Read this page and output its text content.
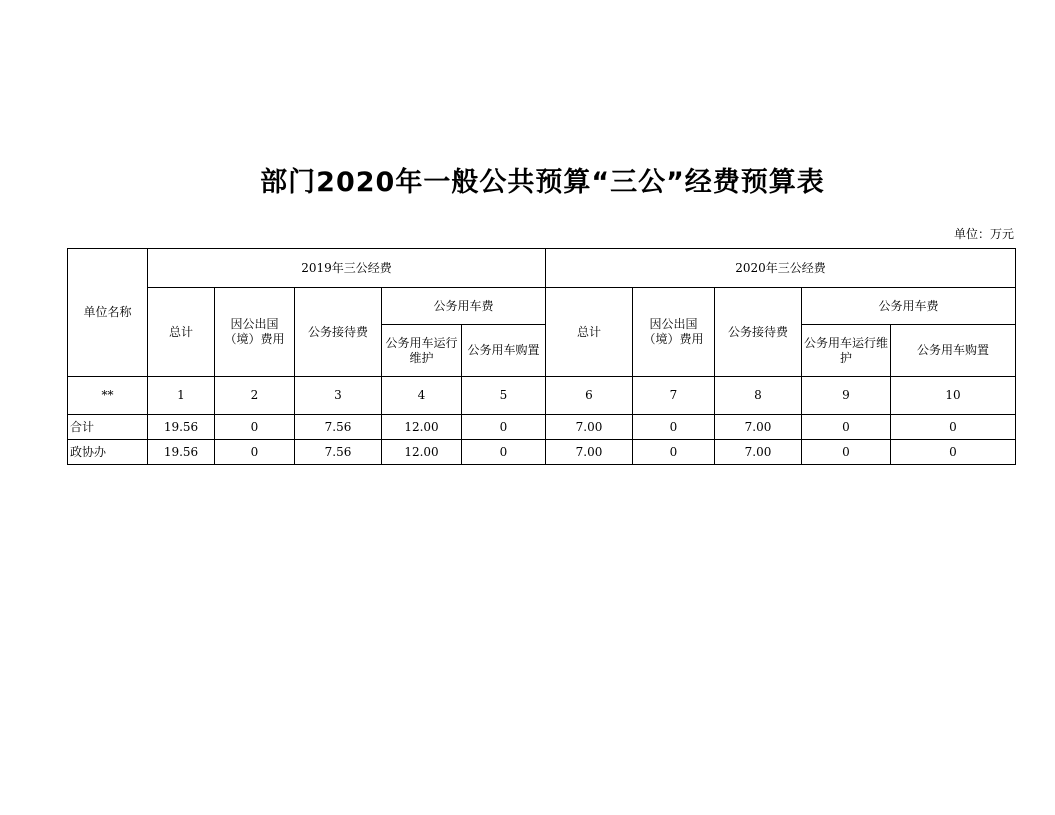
部门2020年一般公共预算“三公”经费预算表
单位：万元
单位名称	2019年三公经费					2020年三公经费				
	总计	因公出国（境）费用	公务接待费	公务用车费		总计	因公出国（境）费用	公务接待费	公务用车费	
				公务用车运行维护	公务用车购置				公务用车运行维护	公务用车购置
**	1	2	3	4	5	6	7	8	9	10
合计	19.56	0	7.56	12.00	0	7.00	0	7.00	0	0
政协办	19.56	0	7.56	12.00	0	7.00	0	7.00	0	0
